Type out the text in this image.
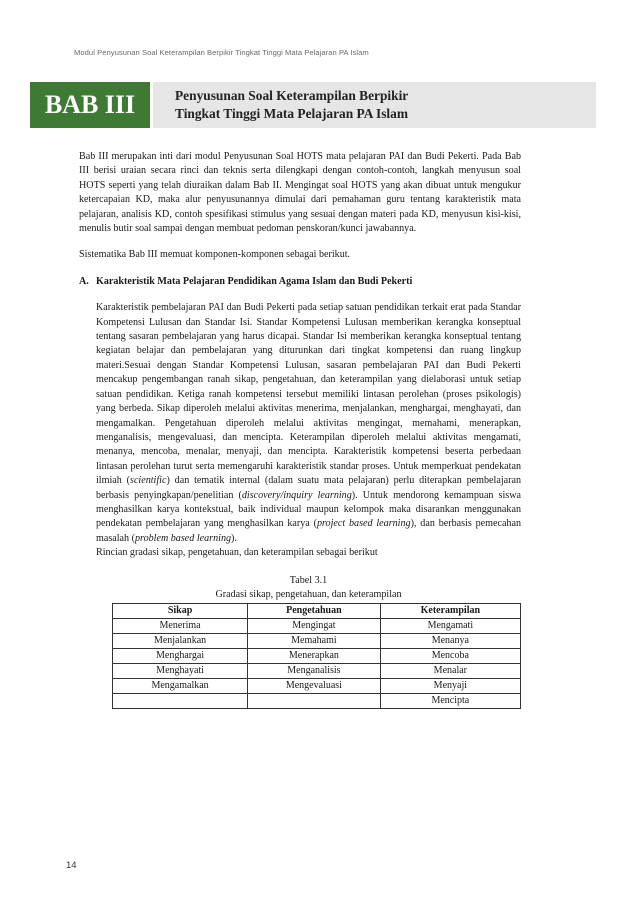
Modul Penyusunan Soal Keterampilan Berpikir Tingkat Tinggi Mata Pelajaran PA Islam
BAB III	Penyusunan Soal Keterampilan Berpikir
Tingkat Tinggi Mata Pelajaran PA Islam

Bab III merupakan inti dari modul Penyusunan Soal HOTS mata pelajaran PAI dan Budi Pekerti. Pada Bab III berisi uraian secara rinci dan teknis serta dilengkapi dengan contoh-contoh, langkah menyusun soal HOTS seperti yang telah diuraikan dalam Bab II. Mengingat soal HOTS yang akan dibuat untuk mengukur ketercapaian KD, maka alur penyusunannya dimulai dari pemahaman guru tentang karakteristik mata pelajaran, analisis KD, contoh spesifikasi stimulus yang sesuai dengan materi pada KD, menyusun kisi-kisi, menulis butir soal sampai dengan membuat pedoman penskoran/kunci jawabannya.

Sistematika Bab III memuat komponen-komponen sebagai berikut.

A. Karakteristik Mata Pelajaran Pendidikan Agama Islam dan Budi Pekerti

Karakteristik pembelajaran PAI dan Budi Pekerti pada setiap satuan pendidikan terkait erat pada Standar Kompetensi Lulusan dan Standar Isi. Standar Kompetensi Lulusan memberikan kerangka konseptual tentang sasaran pembelajaran yang harus dicapai. Standar Isi memberikan kerangka konseptual tentang kegiatan belajar dan pembelajaran yang diturunkan dari tingkat kompetensi dan ruang lingkup materi.Sesuai dengan Standar Kompetensi Lulusan, sasaran pembelajaran PAI dan Budi Pekerti mencakup pengembangan ranah sikap, pengetahuan, dan keterampilan yang dielaborasi untuk setiap satuan pendidikan. Ketiga ranah kompetensi tersebut memiliki lintasan perolehan (proses psikologis) yang berbeda. Sikap diperoleh melalui aktivitas menerima, menjalankan, menghargai, menghayati, dan mengamalkan. Pengetahuan diperoleh melalui aktivitas mengingat, memahami, menerapkan, menganalisis, mengevaluasi, dan mencipta. Keterampilan diperoleh melalui aktivitas mengamati, menanya, mencoba, menalar, menyaji, dan mencipta. Karakteristik kompetensi beserta perbedaan lintasan perolehan turut serta memengaruhi karakteristik standar proses. Untuk memperkuat pendekatan ilmiah (scientific) dan tematik internal (dalam suatu mata pelajaran) perlu diterapkan pembelajaran berbasis penyingkapan/penelitian (discovery/inquiry learning). Untuk mendorong kemampuan siswa menghasilkan karya kontekstual, baik individual maupun kelompok maka disarankan menggunakan pendekatan pembelajaran yang menghasilkan karya (project based learning), dan berbasis pemecahan masalah (problem based learning).

Rincian gradasi sikap, pengetahuan, dan keterampilan sebagai berikut

Tabel 3.1
Gradasi sikap, pengetahuan, dan keterampilan
Sikap	Pengetahuan	Keterampilan
Menerima	Mengingat	Mengamati
Menjalankan	Memahami	Menanya
Menghargai	Menerapkan	Mencoba
Menghayati	Menganalisis	Menalar
Mengamalkan	Mengevaluasi	Menyaji
		Mencipta
14
